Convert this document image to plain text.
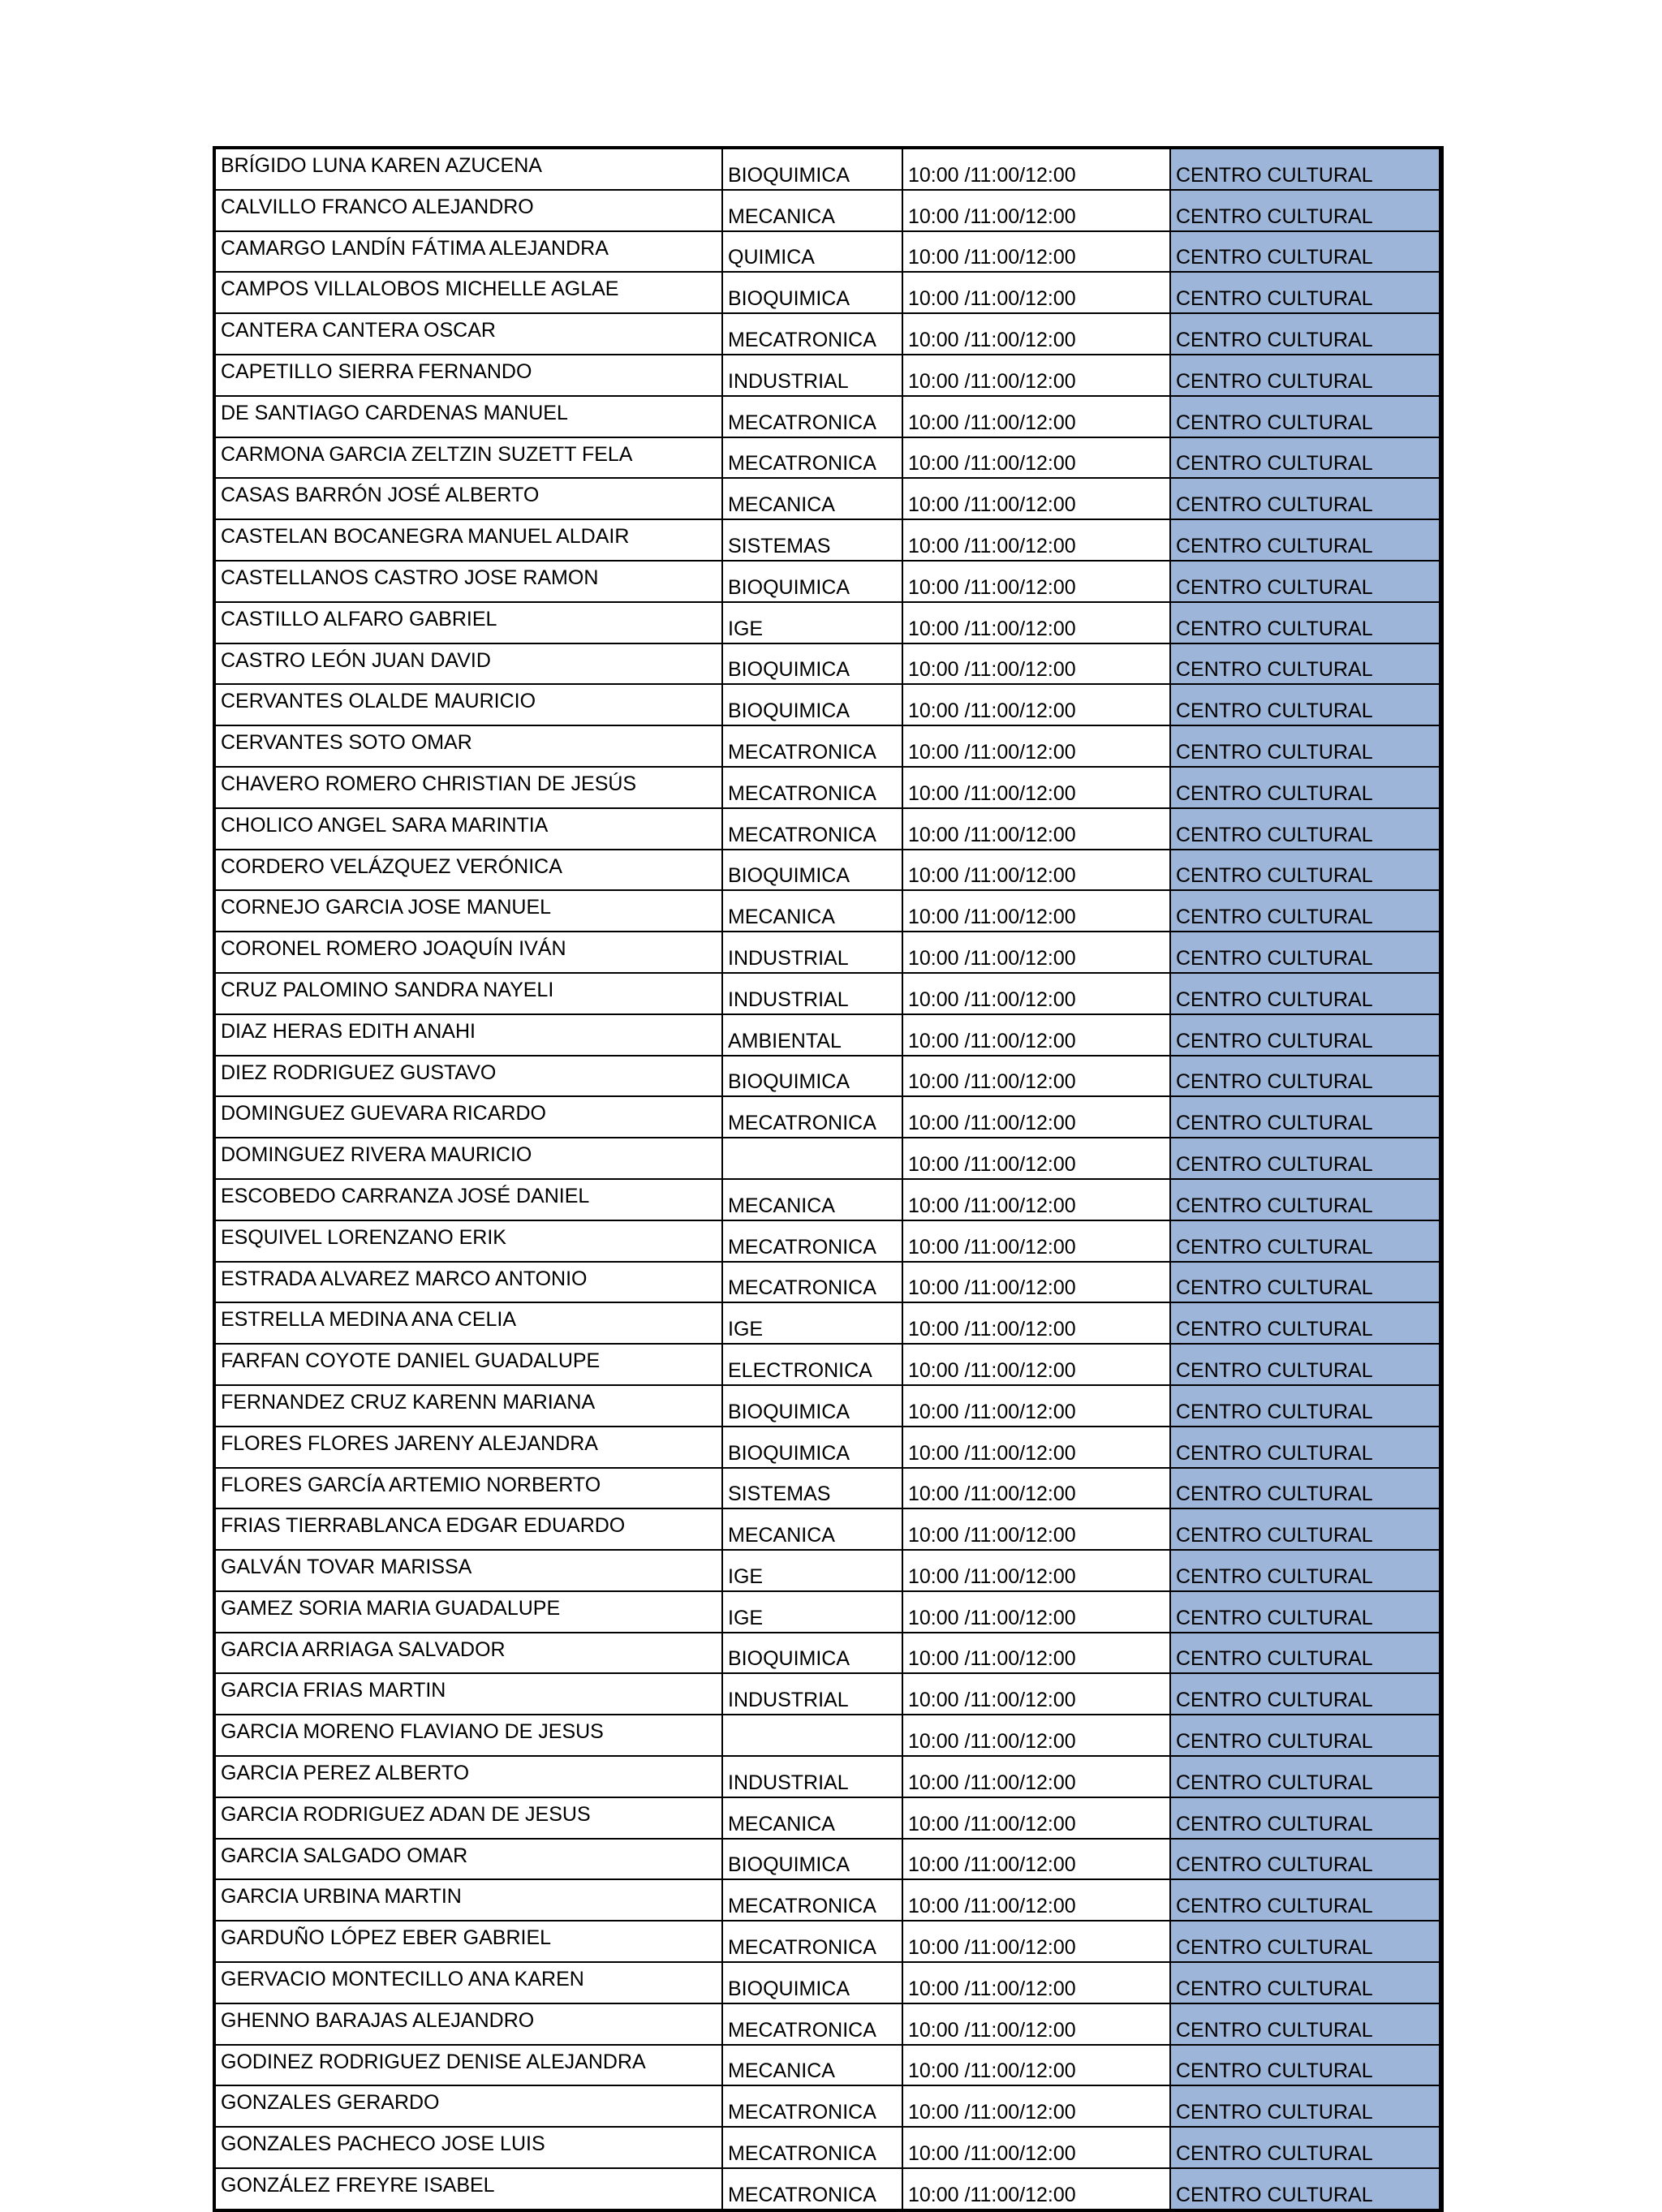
BRÍGIDO LUNA KAREN AZUCENA	BIOQUIMICA	10:00 /11:00/12:00	CENTRO CULTURAL
CALVILLO FRANCO ALEJANDRO	MECANICA	10:00 /11:00/12:00	CENTRO CULTURAL
CAMARGO LANDÍN FÁTIMA ALEJANDRA	QUIMICA	10:00 /11:00/12:00	CENTRO CULTURAL
CAMPOS VILLALOBOS MICHELLE AGLAE	BIOQUIMICA	10:00 /11:00/12:00	CENTRO CULTURAL
CANTERA CANTERA OSCAR	MECATRONICA	10:00 /11:00/12:00	CENTRO CULTURAL
CAPETILLO SIERRA FERNANDO	INDUSTRIAL	10:00 /11:00/12:00	CENTRO CULTURAL
DE SANTIAGO CARDENAS MANUEL	MECATRONICA	10:00 /11:00/12:00	CENTRO CULTURAL
CARMONA GARCIA ZELTZIN SUZETT FELA	MECATRONICA	10:00 /11:00/12:00	CENTRO CULTURAL
CASAS BARRÓN JOSÉ ALBERTO	MECANICA	10:00 /11:00/12:00	CENTRO CULTURAL
CASTELAN BOCANEGRA MANUEL ALDAIR	SISTEMAS	10:00 /11:00/12:00	CENTRO CULTURAL
CASTELLANOS CASTRO JOSE RAMON	BIOQUIMICA	10:00 /11:00/12:00	CENTRO CULTURAL
CASTILLO ALFARO GABRIEL	IGE	10:00 /11:00/12:00	CENTRO CULTURAL
CASTRO LEÓN JUAN DAVID	BIOQUIMICA	10:00 /11:00/12:00	CENTRO CULTURAL
CERVANTES OLALDE MAURICIO	BIOQUIMICA	10:00 /11:00/12:00	CENTRO CULTURAL
CERVANTES SOTO OMAR	MECATRONICA	10:00 /11:00/12:00	CENTRO CULTURAL
CHAVERO ROMERO CHRISTIAN DE JESÚS	MECATRONICA	10:00 /11:00/12:00	CENTRO CULTURAL
CHOLICO ANGEL SARA MARINTIA	MECATRONICA	10:00 /11:00/12:00	CENTRO CULTURAL
CORDERO VELÁZQUEZ VERÓNICA	BIOQUIMICA	10:00 /11:00/12:00	CENTRO CULTURAL
CORNEJO GARCIA JOSE MANUEL	MECANICA	10:00 /11:00/12:00	CENTRO CULTURAL
CORONEL ROMERO JOAQUÍN IVÁN	INDUSTRIAL	10:00 /11:00/12:00	CENTRO CULTURAL
CRUZ PALOMINO SANDRA NAYELI	INDUSTRIAL	10:00 /11:00/12:00	CENTRO CULTURAL
DIAZ HERAS EDITH ANAHI	AMBIENTAL	10:00 /11:00/12:00	CENTRO CULTURAL
DIEZ RODRIGUEZ GUSTAVO	BIOQUIMICA	10:00 /11:00/12:00	CENTRO CULTURAL
DOMINGUEZ GUEVARA RICARDO	MECATRONICA	10:00 /11:00/12:00	CENTRO CULTURAL
DOMINGUEZ RIVERA MAURICIO		10:00 /11:00/12:00	CENTRO CULTURAL
ESCOBEDO CARRANZA JOSÉ DANIEL	MECANICA	10:00 /11:00/12:00	CENTRO CULTURAL
ESQUIVEL LORENZANO ERIK	MECATRONICA	10:00 /11:00/12:00	CENTRO CULTURAL
ESTRADA ALVAREZ MARCO ANTONIO	MECATRONICA	10:00 /11:00/12:00	CENTRO CULTURAL
ESTRELLA MEDINA ANA CELIA	IGE	10:00 /11:00/12:00	CENTRO CULTURAL
FARFAN COYOTE DANIEL GUADALUPE	ELECTRONICA	10:00 /11:00/12:00	CENTRO CULTURAL
FERNANDEZ CRUZ KARENN MARIANA	BIOQUIMICA	10:00 /11:00/12:00	CENTRO CULTURAL
FLORES FLORES JARENY ALEJANDRA	BIOQUIMICA	10:00 /11:00/12:00	CENTRO CULTURAL
FLORES GARCÍA ARTEMIO NORBERTO	SISTEMAS	10:00 /11:00/12:00	CENTRO CULTURAL
FRIAS TIERRABLANCA EDGAR EDUARDO	MECANICA	10:00 /11:00/12:00	CENTRO CULTURAL
GALVÁN TOVAR MARISSA	IGE	10:00 /11:00/12:00	CENTRO CULTURAL
GAMEZ SORIA MARIA GUADALUPE	IGE	10:00 /11:00/12:00	CENTRO CULTURAL
GARCIA ARRIAGA SALVADOR	BIOQUIMICA	10:00 /11:00/12:00	CENTRO CULTURAL
GARCIA FRIAS MARTIN	INDUSTRIAL	10:00 /11:00/12:00	CENTRO CULTURAL
GARCIA MORENO FLAVIANO DE JESUS		10:00 /11:00/12:00	CENTRO CULTURAL
GARCIA PEREZ ALBERTO	INDUSTRIAL	10:00 /11:00/12:00	CENTRO CULTURAL
GARCIA RODRIGUEZ ADAN DE JESUS	MECANICA	10:00 /11:00/12:00	CENTRO CULTURAL
GARCIA SALGADO OMAR	BIOQUIMICA	10:00 /11:00/12:00	CENTRO CULTURAL
GARCIA URBINA MARTIN	MECATRONICA	10:00 /11:00/12:00	CENTRO CULTURAL
GARDUÑO LÓPEZ EBER GABRIEL	MECATRONICA	10:00 /11:00/12:00	CENTRO CULTURAL
GERVACIO MONTECILLO ANA KAREN	BIOQUIMICA	10:00 /11:00/12:00	CENTRO CULTURAL
GHENNO BARAJAS ALEJANDRO	MECATRONICA	10:00 /11:00/12:00	CENTRO CULTURAL
GODINEZ RODRIGUEZ DENISE ALEJANDRA	MECANICA	10:00 /11:00/12:00	CENTRO CULTURAL
GONZALES GERARDO	MECATRONICA	10:00 /11:00/12:00	CENTRO CULTURAL
GONZALES PACHECO JOSE LUIS	MECATRONICA	10:00 /11:00/12:00	CENTRO CULTURAL
GONZÁLEZ FREYRE ISABEL	MECATRONICA	10:00 /11:00/12:00	CENTRO CULTURAL
